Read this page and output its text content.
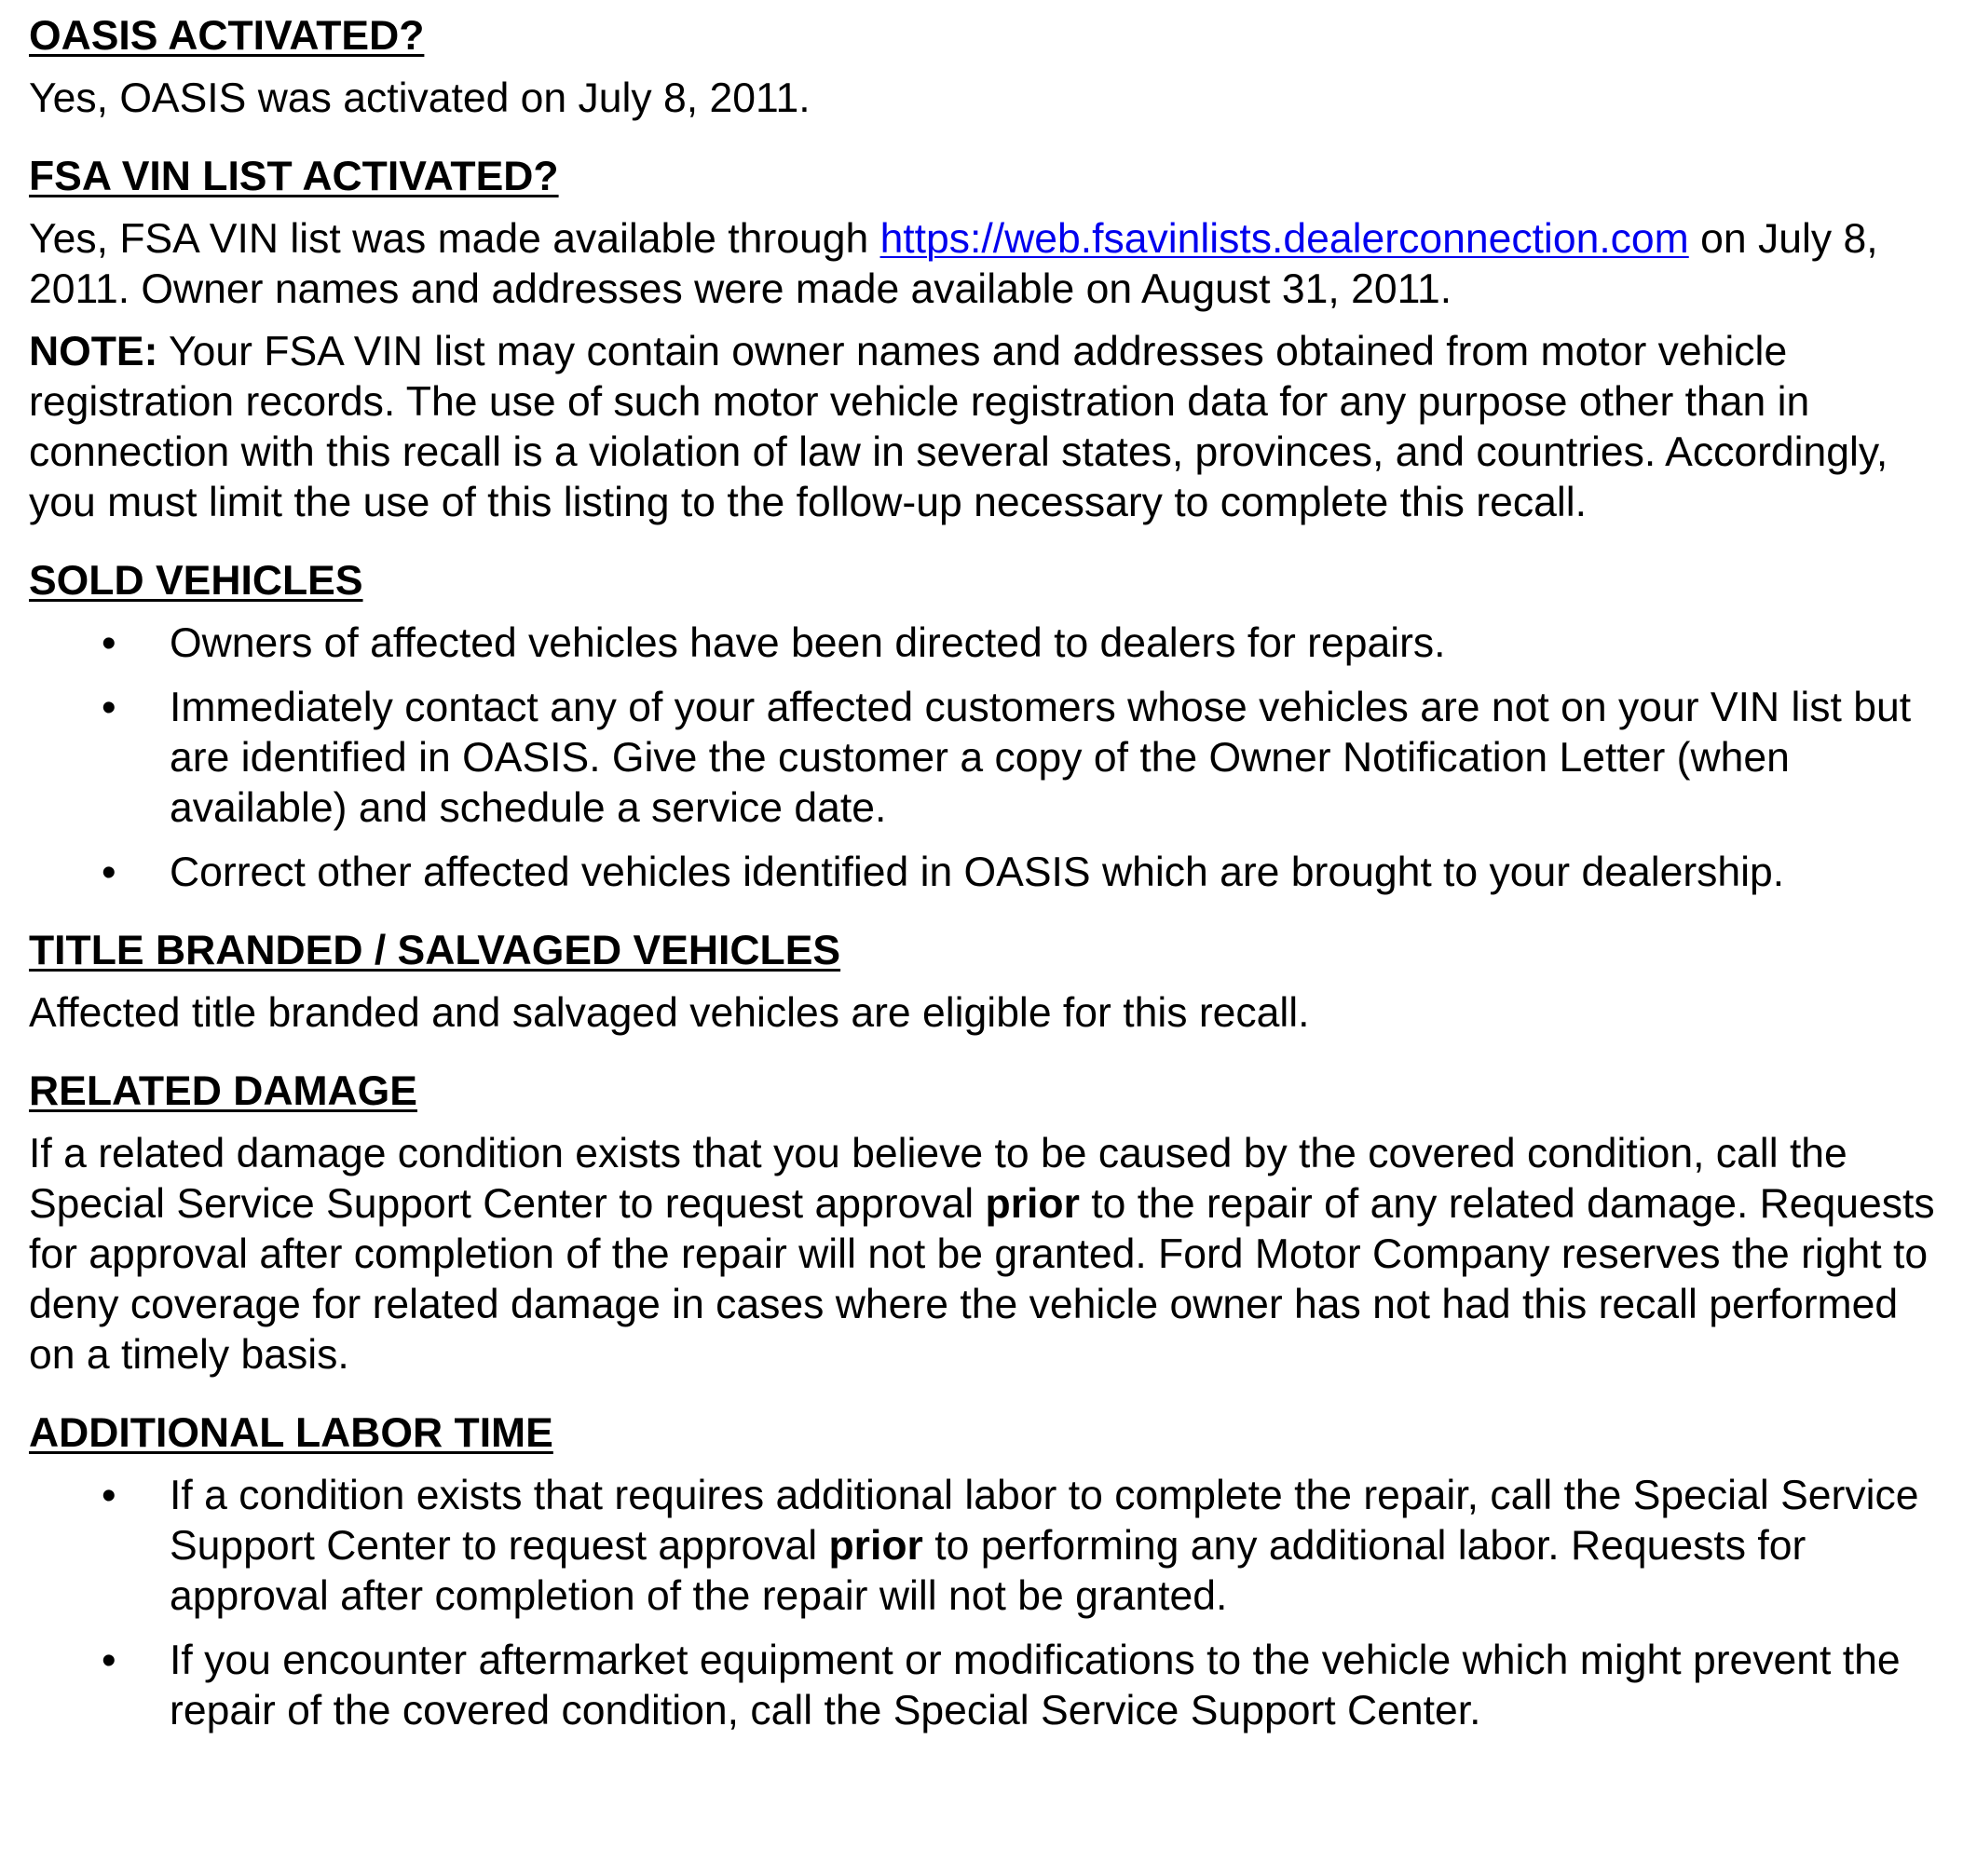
OASIS ACTIVATED?

Yes, OASIS was activated on July 8, 2011.

FSA VIN LIST ACTIVATED?

Yes, FSA VIN list was made available through https://web.fsavinlists.dealerconnection.com on July 8, 2011. Owner names and addresses were made available on August 31, 2011.

NOTE: Your FSA VIN list may contain owner names and addresses obtained from motor vehicle registration records. The use of such motor vehicle registration data for any purpose other than in connection with this recall is a violation of law in several states, provinces, and countries. Accordingly, you must limit the use of this listing to the follow-up necessary to complete this recall.

SOLD VEHICLES

• Owners of affected vehicles have been directed to dealers for repairs.
• Immediately contact any of your affected customers whose vehicles are not on your VIN list but are identified in OASIS. Give the customer a copy of the Owner Notification Letter (when available) and schedule a service date.
• Correct other affected vehicles identified in OASIS which are brought to your dealership.

TITLE BRANDED / SALVAGED VEHICLES

Affected title branded and salvaged vehicles are eligible for this recall.

RELATED DAMAGE

If a related damage condition exists that you believe to be caused by the covered condition, call the Special Service Support Center to request approval prior to the repair of any related damage. Requests for approval after completion of the repair will not be granted. Ford Motor Company reserves the right to deny coverage for related damage in cases where the vehicle owner has not had this recall performed on a timely basis.

ADDITIONAL LABOR TIME

• If a condition exists that requires additional labor to complete the repair, call the Special Service Support Center to request approval prior to performing any additional labor. Requests for approval after completion of the repair will not be granted.
• If you encounter aftermarket equipment or modifications to the vehicle which might prevent the repair of the covered condition, call the Special Service Support Center.
